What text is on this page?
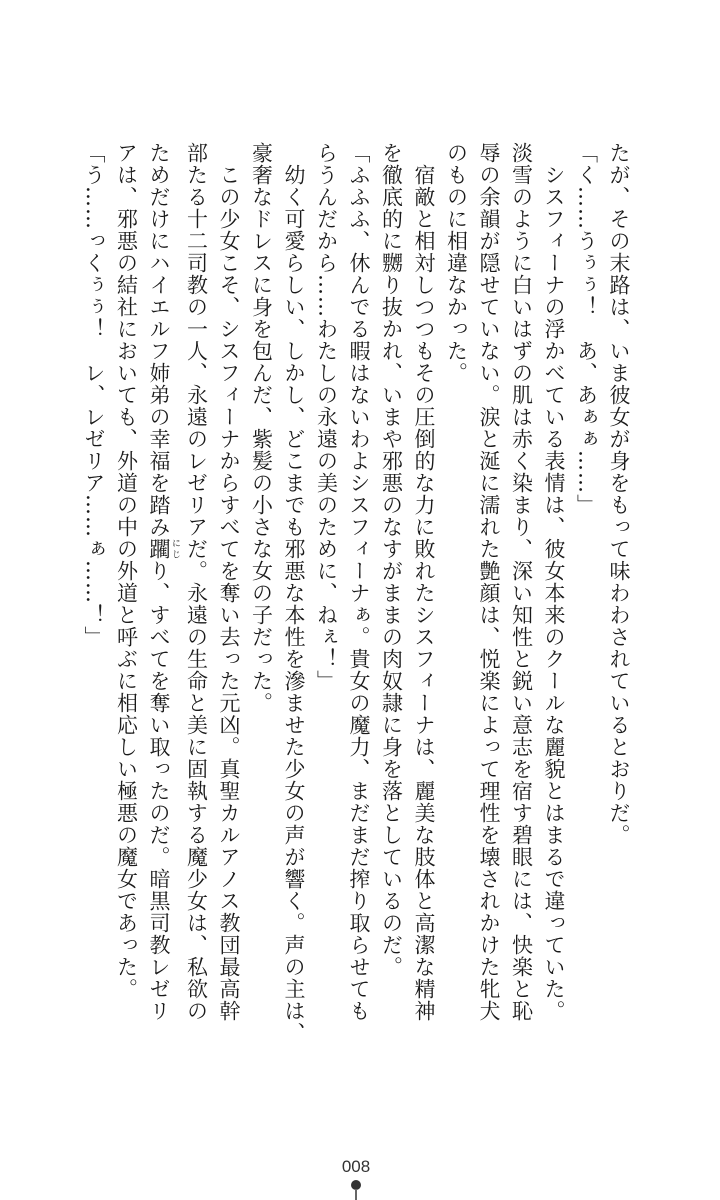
たが、その末路は、いま彼女が身をもって味わわされているとおりだ。
「く……うぅぅ！　あ、あぁぁ……」
　シスフィーナの浮かべている表情は、彼女本来のクールな麗貌とはまるで違っていた。
淡雪のように白いはずの肌は赤く染まり、深い知性と鋭い意志を宿す碧眼には、快楽と恥
辱の余韻が隠せていない。涙と涎に濡れた艶顔は、悦楽によって理性を壊されかけた牝犬
のものに相違なかった。
　宿敵と相対しつつもその圧倒的な力に敗れたシスフィーナは、麗美な肢体と高潔な精神
を徹底的に嬲り抜かれ、いまや邪悪のなすがままの肉奴隷に身を落としているのだ。
「ふふふ、休んでる暇はないわよシスフィーナぁ。貴女の魔力、まだまだ搾り取らせても
らうんだから……わたしの永遠の美のために、ねぇ！」
　幼く可愛らしい、しかし、どこまでも邪悪な本性を滲ませた少女の声が響く。声の主は、
豪奢なドレスに身を包んだ、紫髪の小さな女の子だった。
　この少女こそ、シスフィーナからすべてを奪い去った元凶。真聖カルアノス教団最高幹
部たる十二司教の一人、永遠のレゼリアだ。永遠の生命と美に固執する魔少女は、私欲の
ためだけにハイエルフ姉弟の幸福を踏み躙 にじり、すべてを奪い取ったのだ。暗黒司教レゼリ
アは、邪悪の結社においても、外道の中の外道と呼ぶに相応しい極悪の魔女であった。
「う……っくぅぅ！　レ、レゼリア……ぁ……！」
008
